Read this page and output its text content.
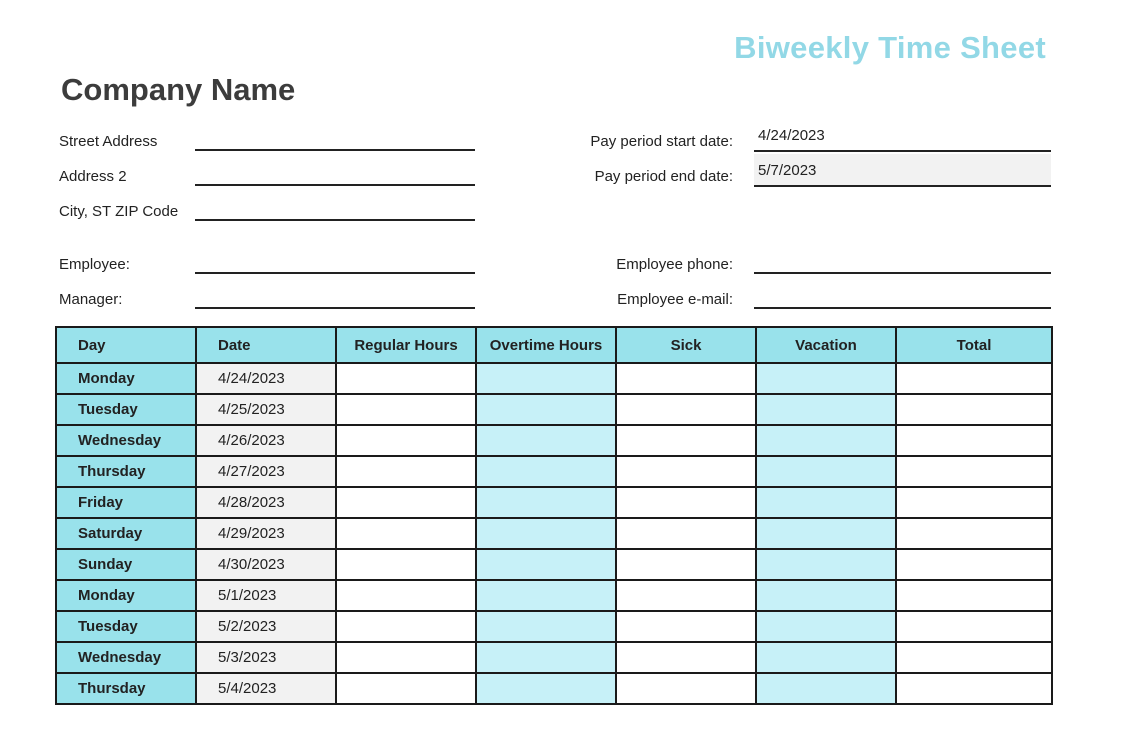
Biweekly Time Sheet
Company Name
Street Address
Address 2
City, ST ZIP Code
Employee:
Manager:
Pay period start date: 4/24/2023
Pay period end date: 5/7/2023
Employee phone:
Employee e-mail:
Day	Date	Regular Hours	Overtime Hours	Sick	Vacation	Total
Monday	4/24/2023					
Tuesday	4/25/2023					
Wednesday	4/26/2023					
Thursday	4/27/2023					
Friday	4/28/2023					
Saturday	4/29/2023					
Sunday	4/30/2023					
Monday	5/1/2023					
Tuesday	5/2/2023					
Wednesday	5/3/2023					
Thursday	5/4/2023					
